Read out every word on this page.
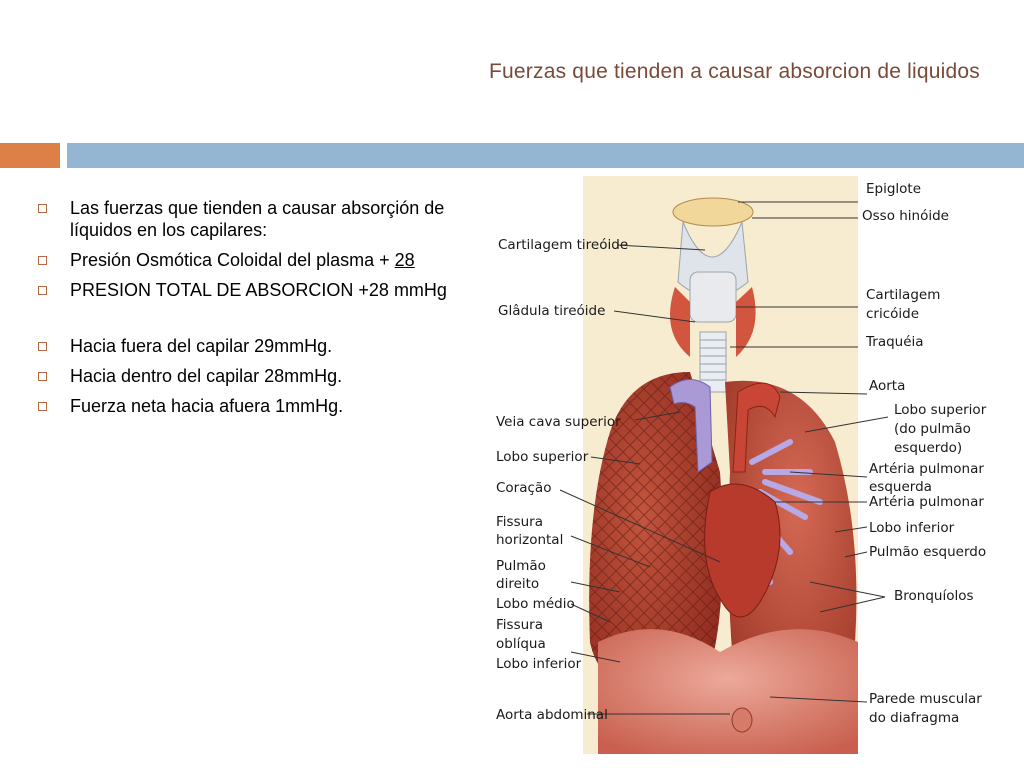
Fuerzas que tienden a causar absorcion de liquidos
Las fuerzas que tienden a causar absorçión de líquidos en los capilares:
Presión Osmótica Coloidal del plasma + 28
PRESION TOTAL DE ABSORCION +28 mmHg
Hacia fuera del capilar 29mmHg.
Hacia dentro del capilar 28mmHg.
Fuerza neta hacia afuera 1mmHg.
Cartilagem tireóide
Glâdula tireóide
Veia cava superior
Lobo superior
Coração
Fissura
horizontal
Pulmão
direito
Lobo médio
Fissura
oblíqua
Lobo inferior
Aorta abdominal
Epiglote
Osso hinóide
Cartilagem
cricóide
Traquéia
Aorta
Lobo superior
(do pulmão
esquerdo)
Artéria pulmonar
esquerda
Artéria pulmonar
Lobo inferior
Pulmão esquerdo
Bronquíolos
Parede muscular
do diafragma
